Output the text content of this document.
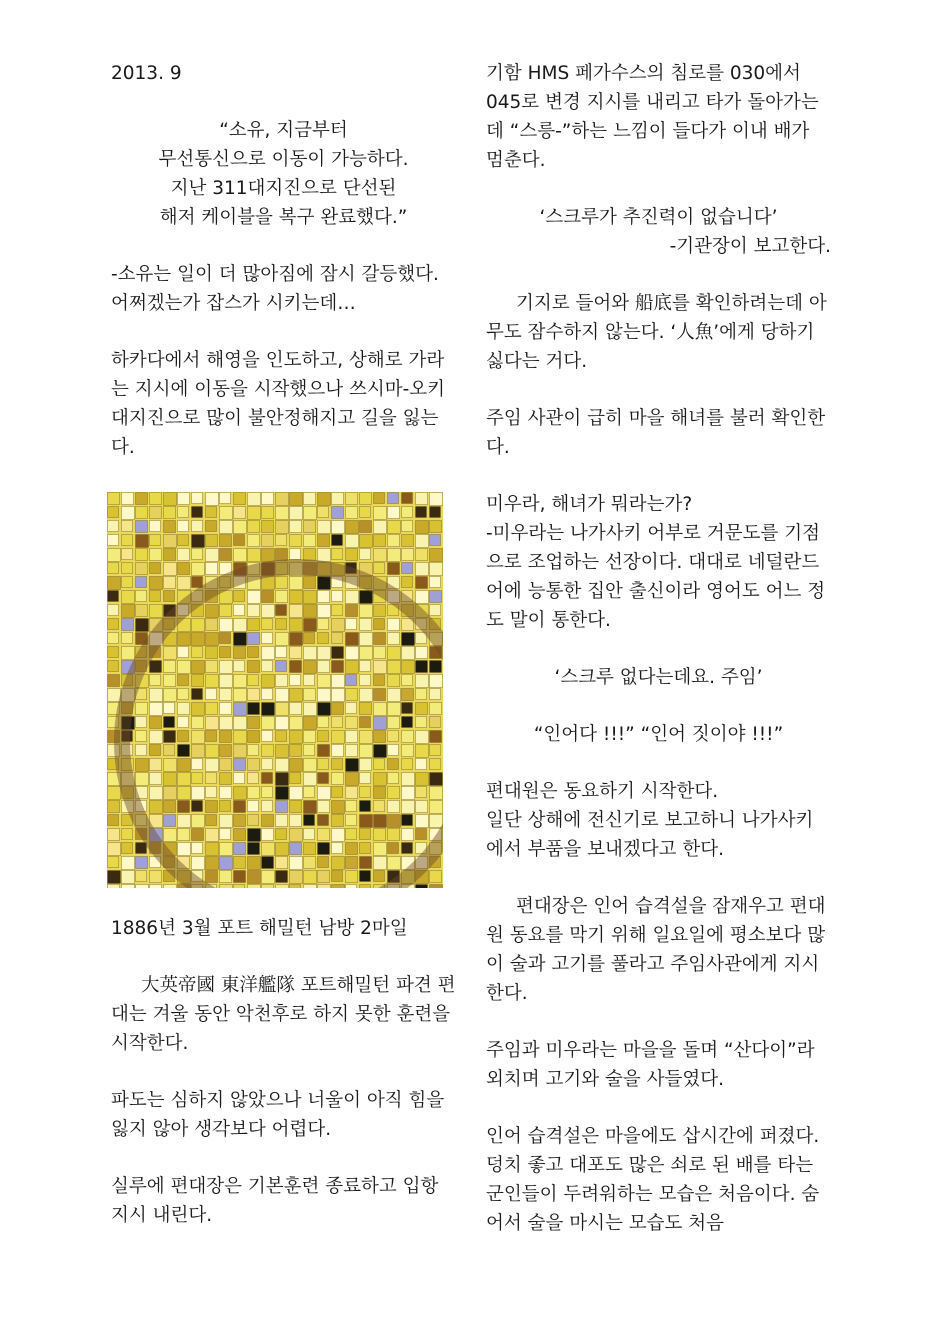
2013. 9

“소유, 지금부터
무선통신으로 이동이 가능하다.
지난 311대지진으로 단선된
해저 케이블을 복구 완료했다.”

-소유는 일이 더 많아짐에 잠시 갈등했다. 어쩌겠는가 잡스가 시키는데…

하카다에서 해영을 인도하고, 상해로 가라는 지시에 이동을 시작했으나 쓰시마-오키 대지진으로 많이 불안정해지고 길을 잃는다.

1886년 3월 포트 해밀턴 남방 2마일

大英帝國 東洋艦隊 포트해밀턴 파견 편대는 겨울 동안 악천후로 하지 못한 훈련을 시작한다.

파도는 심하지 않았으나 너울이 아직 힘을 잃지 않아 생각보다 어렵다.

실루에 편대장은 기본훈련 종료하고 입항지시 내린다.

기함 HMS 페가수스의 침로를 030에서 045로 변경 지시를 내리고 타가 돌아가는데 “스릉-”하는 느낌이 들다가 이내 배가 멈춘다.

‘스크루가 추진력이 없습니다’

-기관장이 보고한다.

기지로 들어와 船底를 확인하려는데 아무도 잠수하지 않는다. ‘人魚’에게 당하기 싫다는 거다.

주임 사관이 급히 마을 해녀를 불러 확인한다.

미우라, 해녀가 뭐라는가?
-미우라는 나가사키 어부로 거문도를 기점으로 조업하는 선장이다. 대대로 네덜란드어에 능통한 집안 출신이라 영어도 어느 정도 말이 통한다.

‘스크루 없다는데요. 주임’

“인어다 !!!” “인어 짓이야 !!!”

편대원은 동요하기 시작한다.
일단 상해에 전신기로 보고하니 나가사키에서 부품을 보내겠다고 한다.

편대장은 인어 습격설을 잠재우고 편대원 동요를 막기 위해 일요일에 평소보다 많이 술과 고기를 풀라고 주임사관에게 지시한다.

주임과 미우라는 마을을 돌며 “산다이”라 외치며 고기와 술을 사들였다.

인어 습격설은 마을에도 삽시간에 퍼졌다. 덩치 좋고 대포도 많은 쇠로 된 배를 타는 군인들이 두려워하는 모습은 처음이다. 숨어서 술을 마시는 모습도 처음
